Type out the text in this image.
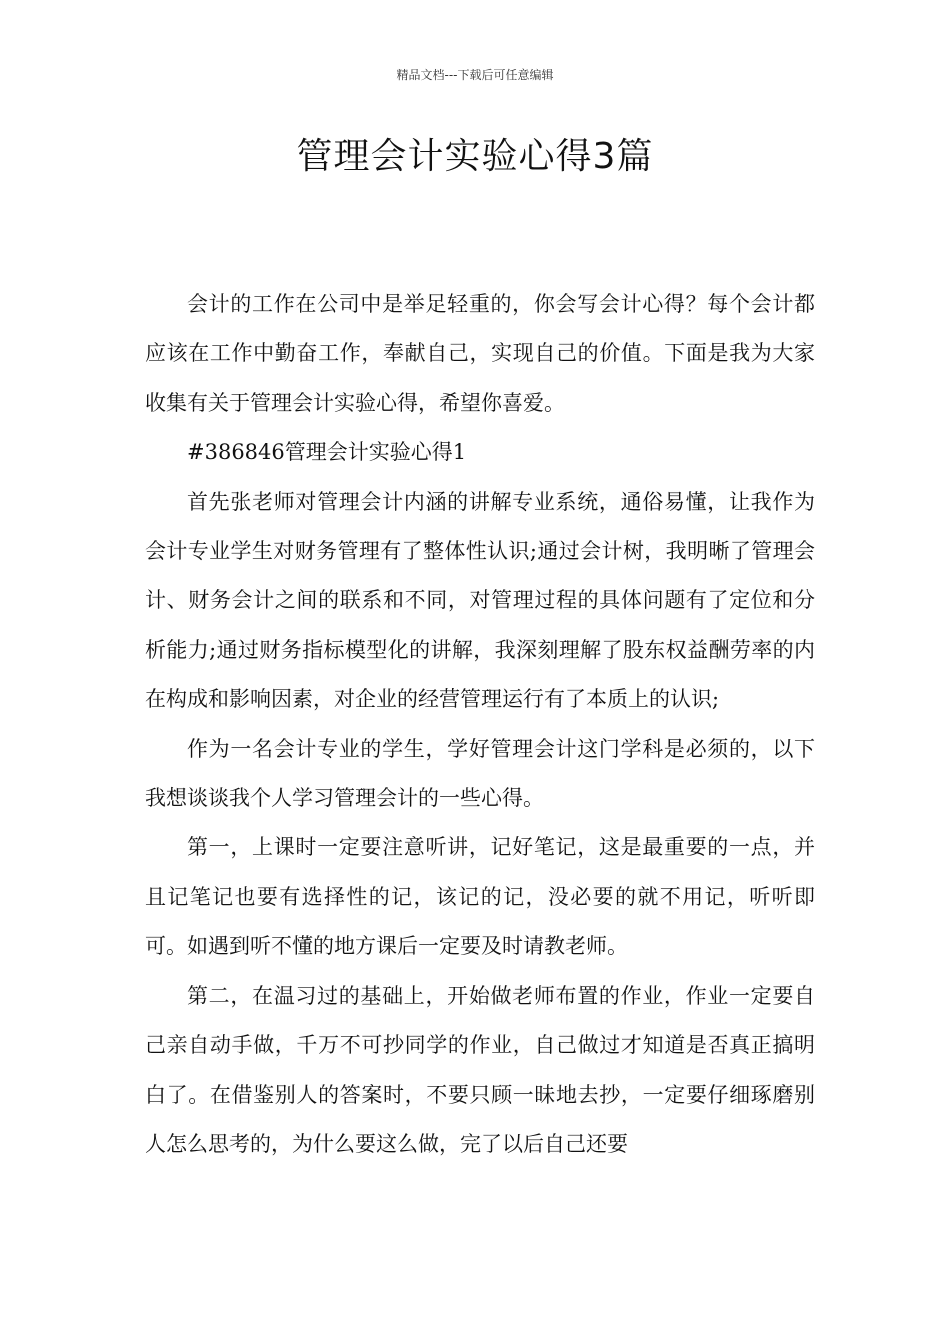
精品文档---下载后可任意编辑
管理会计实验心得3篇

会计的工作在公司中是举足轻重的，你会写会计心得？每个会计都应该在工作中勤奋工作，奉献自己，实现自己的价值。下面是我为大家收集有关于管理会计实验心得，希望你喜爱。

#386846管理会计实验心得1

首先张老师对管理会计内涵的讲解专业系统，通俗易懂，让我作为会计专业学生对财务管理有了整体性认识;通过会计树，我明晰了管理会计、财务会计之间的联系和不同，对管理过程的具体问题有了定位和分析能力;通过财务指标模型化的讲解，我深刻理解了股东权益酬劳率的内在构成和影响因素，对企业的经营管理运行有了本质上的认识;

作为一名会计专业的学生，学好管理会计这门学科是必须的，以下我想谈谈我个人学习管理会计的一些心得。

第一，上课时一定要注意听讲，记好笔记，这是最重要的一点，并且记笔记也要有选择性的记，该记的记，没必要的就不用记，听听即可。如遇到听不懂的地方课后一定要及时请教老师。

第二，在温习过的基础上，开始做老师布置的作业，作业一定要自己亲自动手做，千万不可抄同学的作业，自己做过才知道是否真正搞明白了。在借鉴别人的答案时，不要只顾一昧地去抄，一定要仔细琢磨别人怎么思考的，为什么要这么做，完了以后自己还要
